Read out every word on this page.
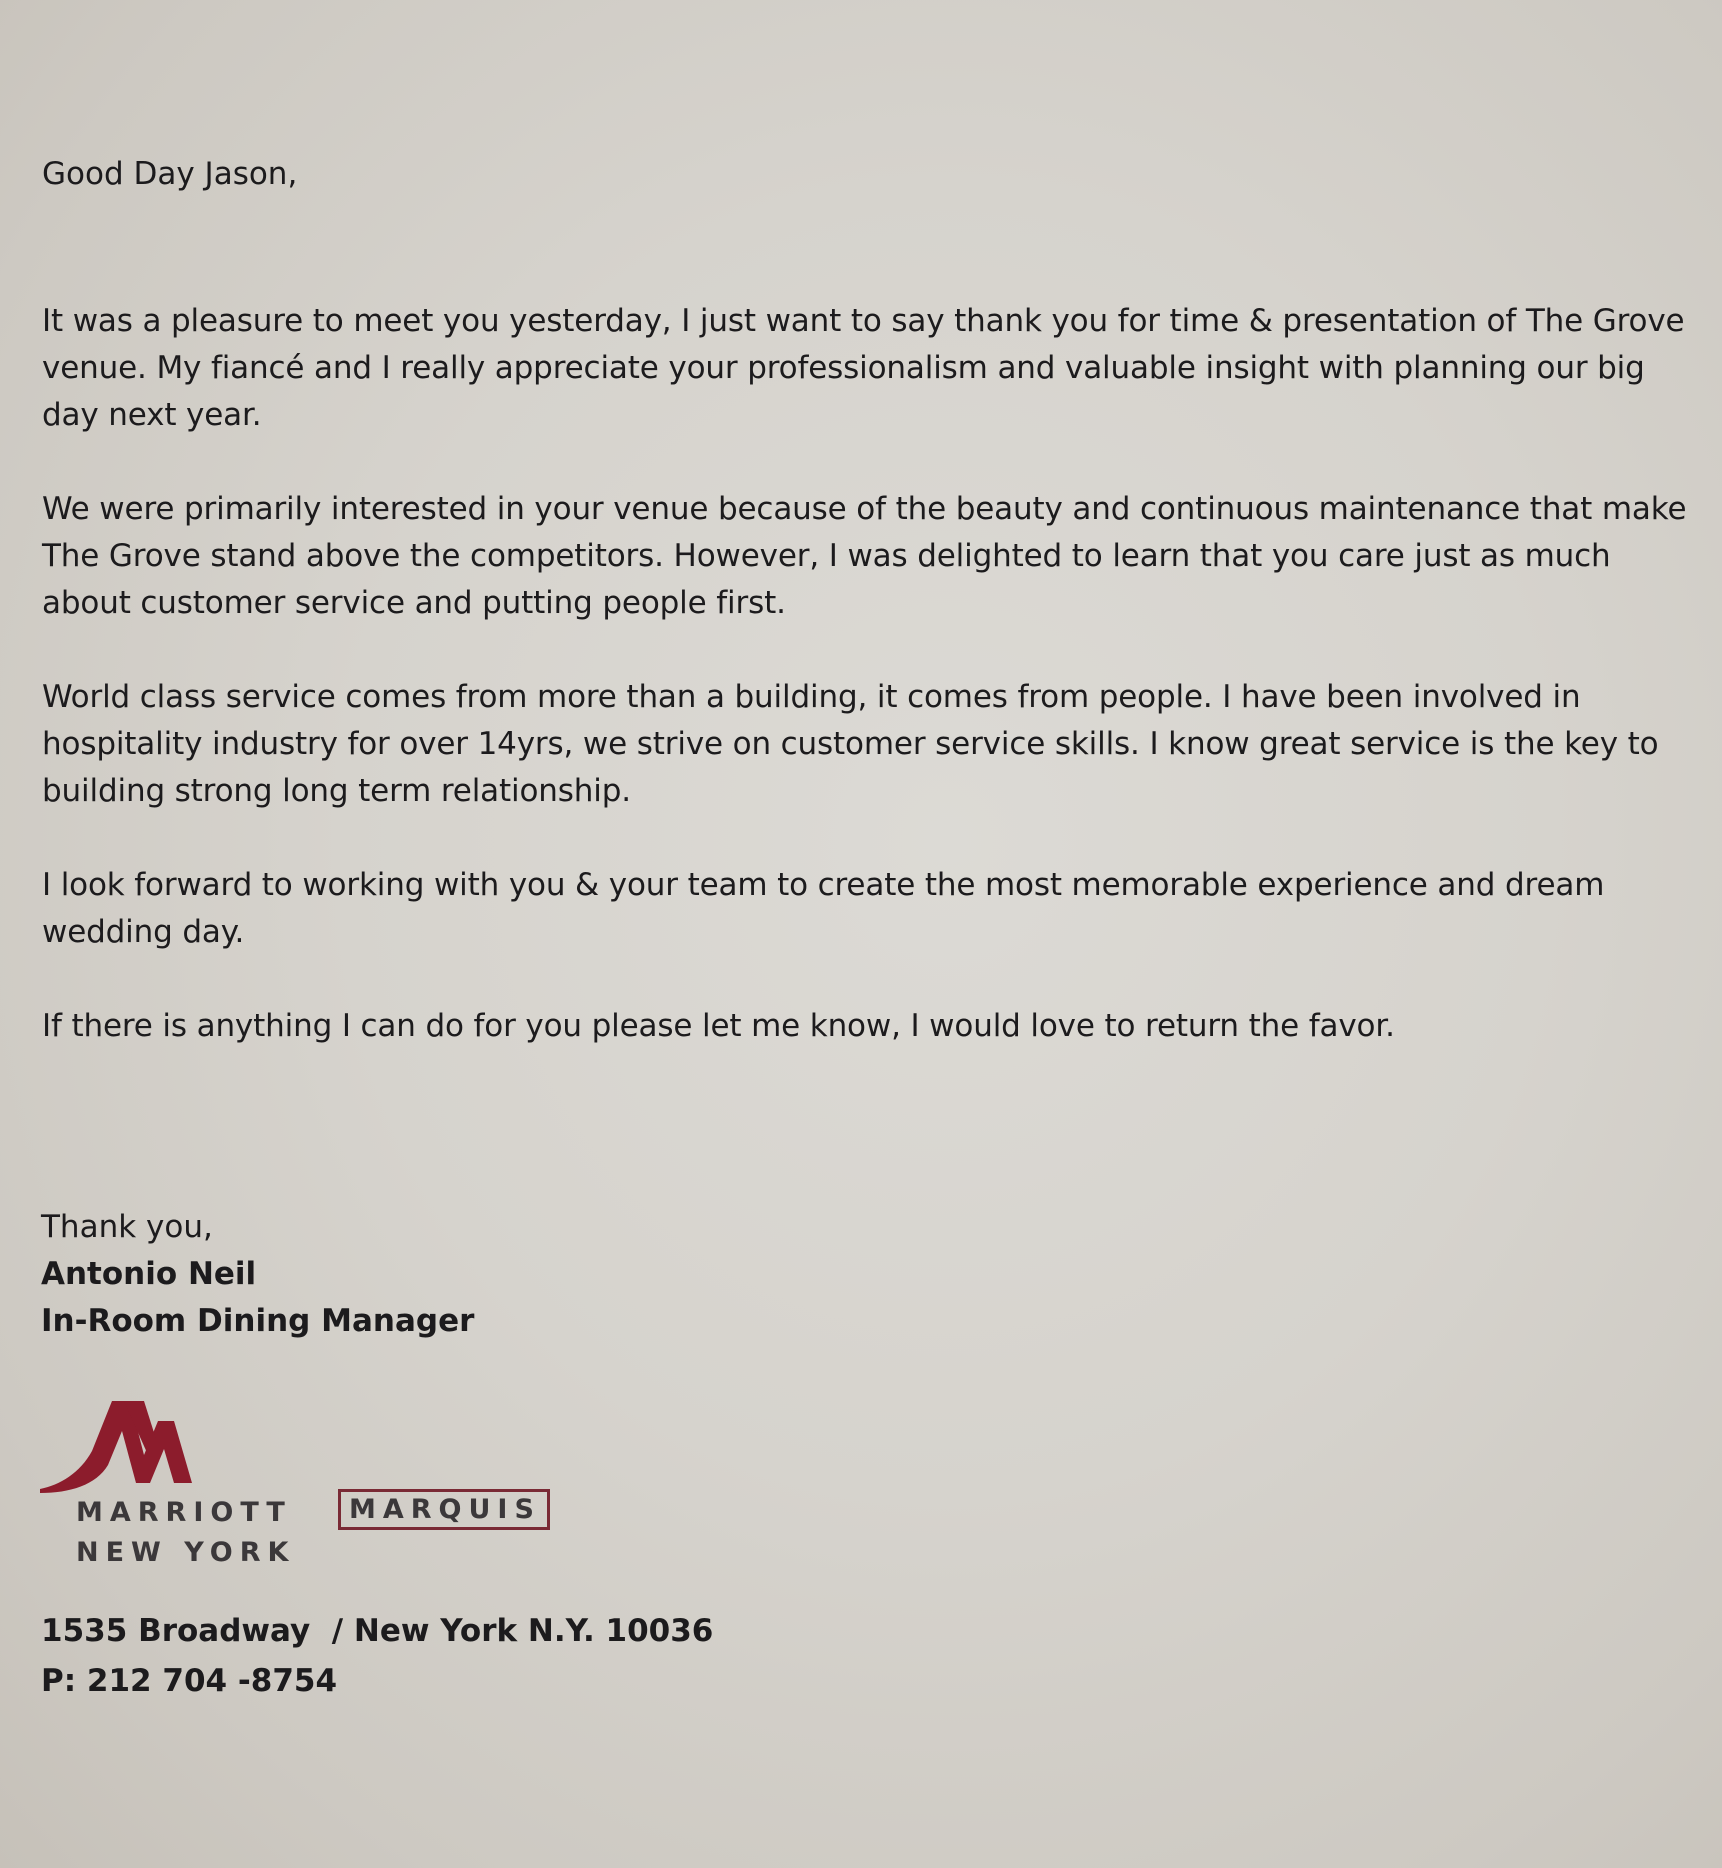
Good Day Jason,

It was a pleasure to meet you yesterday, I just want to say thank you for time & presentation of The Grove venue. My fiancé and I really appreciate your professionalism and valuable insight with planning our big day next year.

We were primarily interested in your venue because of the beauty and continuous maintenance that make The Grove stand above the competitors. However, I was delighted to learn that you care just as much about customer service and putting people first.

World class service comes from more than a building, it comes from people. I have been involved in hospitality industry for over 14yrs, we strive on customer service skills. I know great service is the key to building strong long term relationship.

I look forward to working with you & your team to create the most memorable experience and dream wedding day.

If there is anything I can do for you please let me know, I would love to return the favor.

Thank you,
Antonio Neil
In-Room Dining Manager
MARRIOTT	MARQUIS
NEW YORK
1535 Broadway  / New York N.Y. 10036
P: 212 704 -8754
